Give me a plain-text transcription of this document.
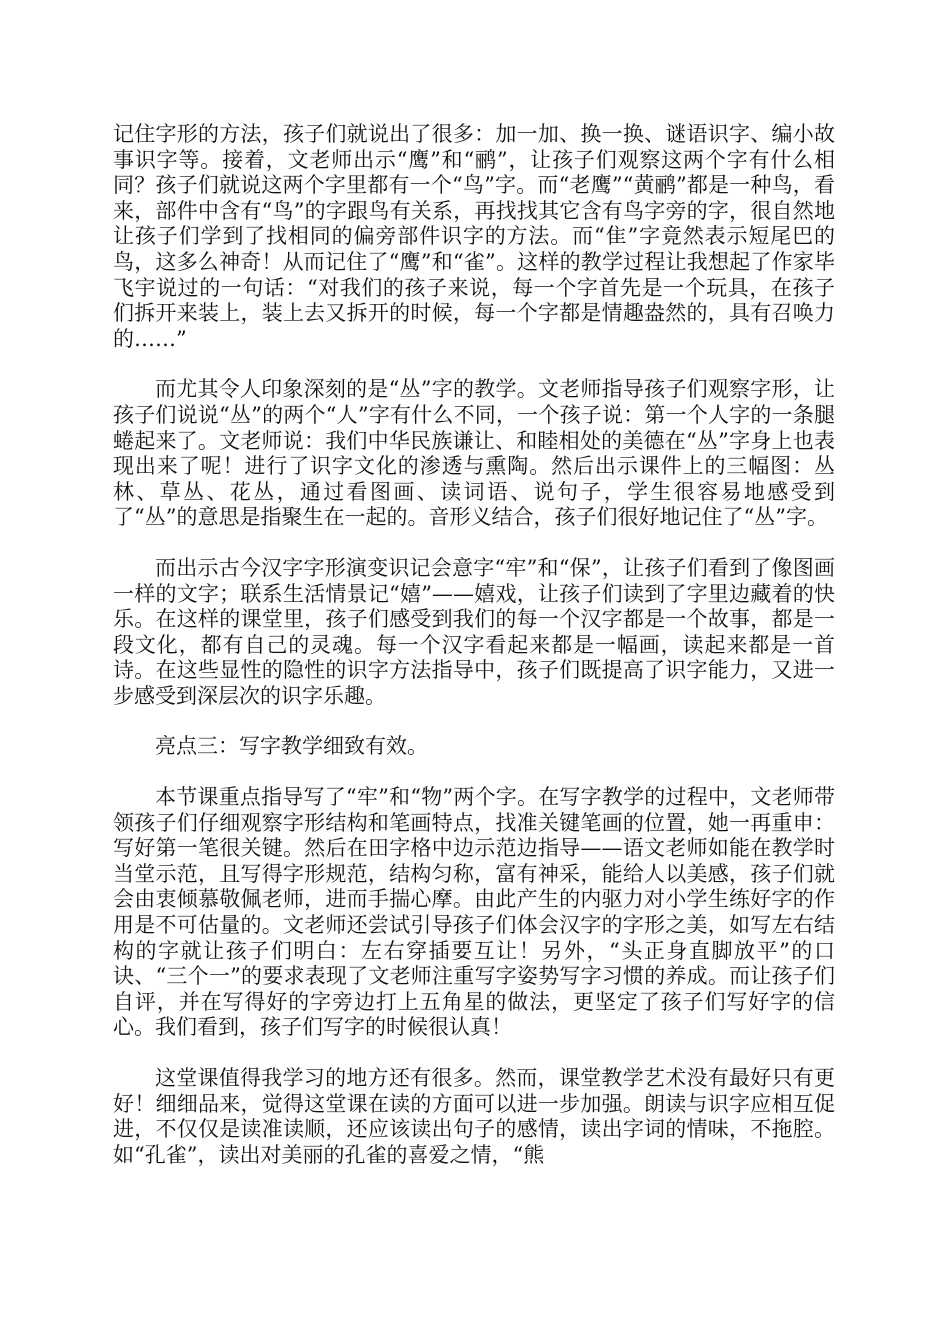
记住字形的方法，孩子们就说出了很多：加一加、换一换、谜语识字、编小故事识字等。接着，文老师出示“鹰”和“鹂”，让孩子们观察这两个字有什么相同？孩子们就说这两个字里都有一个“鸟”字。而“老鹰”“黄鹂”都是一种鸟，看来，部件中含有“鸟”的字跟鸟有关系，再找找其它含有鸟字旁的字，很自然地让孩子们学到了找相同的偏旁部件识字的方法。而“隹”字竟然表示短尾巴的鸟，这多么神奇！从而记住了“鹰”和“雀”。这样的教学过程让我想起了作家毕飞宇说过的一句话：“对我们的孩子来说，每一个字首先是一个玩具，在孩子们拆开来装上，装上去又拆开的时候，每一个字都是情趣盎然的，具有召唤力的……”

而尤其令人印象深刻的是“丛”字的教学。文老师指导孩子们观察字形，让孩子们说说“丛”的两个“人”字有什么不同，一个孩子说：第一个人字的一条腿蜷起来了。文老师说：我们中华民族谦让、和睦相处的美德在“丛”字身上也表现出来了呢！进行了识字文化的渗透与熏陶。然后出示课件上的三幅图：丛林、草丛、花丛，通过看图画、读词语、说句子，学生很容易地感受到了“丛”的意思是指聚生在一起的。音形义结合，孩子们很好地记住了“丛”字。

而出示古今汉字字形演变识记会意字“牢”和“保”，让孩子们看到了像图画一样的文字；联系生活情景记“嬉”——嬉戏，让孩子们读到了字里边藏着的快乐。在这样的课堂里，孩子们感受到我们的每一个汉字都是一个故事，都是一段文化，都有自己的灵魂。每一个汉字看起来都是一幅画，读起来都是一首诗。在这些显性的隐性的识字方法指导中，孩子们既提高了识字能力，又进一步感受到深层次的识字乐趣。

亮点三：写字教学细致有效。

本节课重点指导写了“牢”和“物”两个字。在写字教学的过程中，文老师带领孩子们仔细观察字形结构和笔画特点，找准关键笔画的位置，她一再重申：写好第一笔很关键。然后在田字格中边示范边指导——语文老师如能在教学时当堂示范，且写得字形规范，结构匀称，富有神采，能给人以美感，孩子们就会由衷倾慕敬佩老师，进而手揣心摩。由此产生的内驱力对小学生练好字的作用是不可估量的。文老师还尝试引导孩子们体会汉字的字形之美，如写左右结构的字就让孩子们明白：左右穿插要互让！另外，“头正身直脚放平”的口诀、“三个一”的要求表现了文老师注重写字姿势写字习惯的养成。而让孩子们自评，并在写得好的字旁边打上五角星的做法，更坚定了孩子们写好字的信心。我们看到，孩子们写字的时候很认真！

这堂课值得我学习的地方还有很多。然而，课堂教学艺术没有最好只有更好！细细品来，觉得这堂课在读的方面可以进一步加强。朗读与识字应相互促进，不仅仅是读准读顺，还应该读出句子的感情，读出字词的情味，不拖腔。如“孔雀”，读出对美丽的孔雀的喜爱之情，“熊
